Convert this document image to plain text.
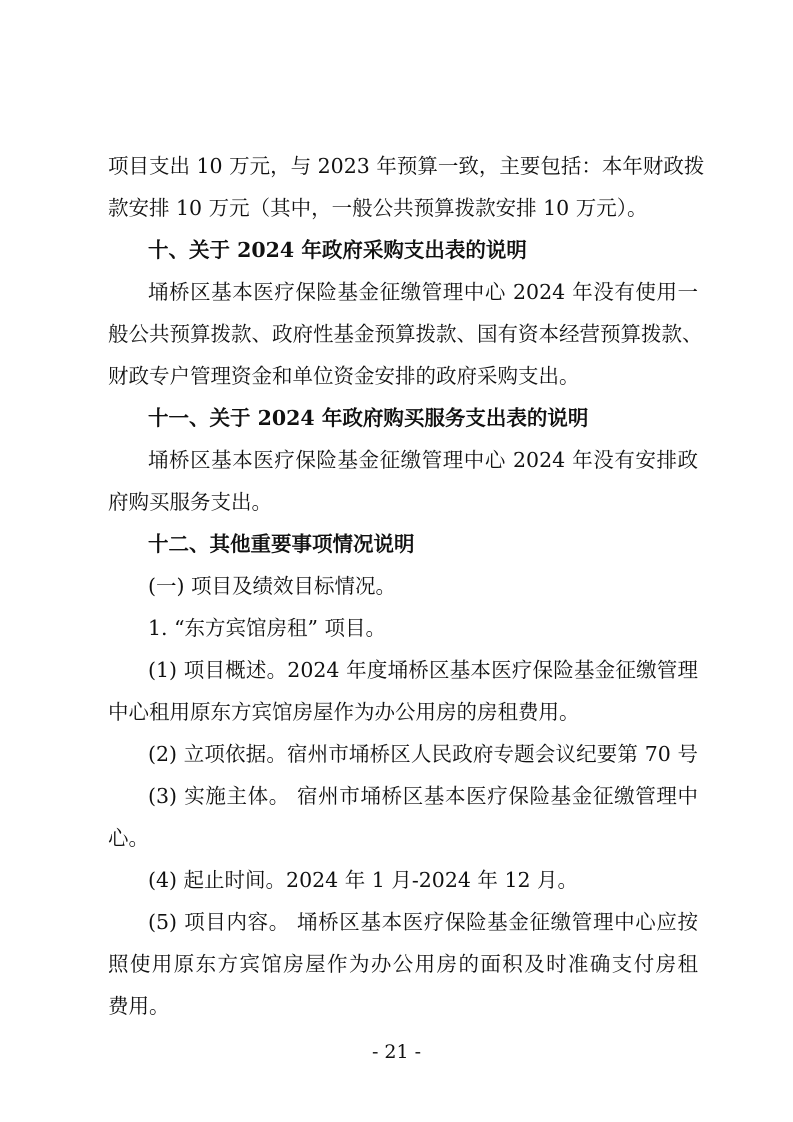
项目支出 10 万元，与 2023 年预算一致，主要包括：本年财政拨
款安排 10 万元（其中，一般公共预算拨款安排 10 万元）。
十、关于 2024 年政府采购支出表的说明
埇桥区基本医疗保险基金征缴管理中心 2024 年没有使用一
般公共预算拨款、政府性基金预算拨款、国有资本经营预算拨款、
财政专户管理资金和单位资金安排的政府采购支出。
十一、关于 2024 年政府购买服务支出表的说明
埇桥区基本医疗保险基金征缴管理中心 2024 年没有安排政
府购买服务支出。
十二、其他重要事项情况说明
(一) 项目及绩效目标情况。
1. “东方宾馆房租” 项目。
(1) 项目概述。2024 年度埇桥区基本医疗保险基金征缴管理
中心租用原东方宾馆房屋作为办公用房的房租费用。
(2) 立项依据。宿州市埇桥区人民政府专题会议纪要第 70 号
(3) 实施主体。 宿州市埇桥区基本医疗保险基金征缴管理中
心。
(4) 起止时间。2024 年 1 月-2024 年 12 月。
(5) 项目内容。 埇桥区基本医疗保险基金征缴管理中心应按
照使用原东方宾馆房屋作为办公用房的面积及时准确支付房租
费用。
- 21 -
